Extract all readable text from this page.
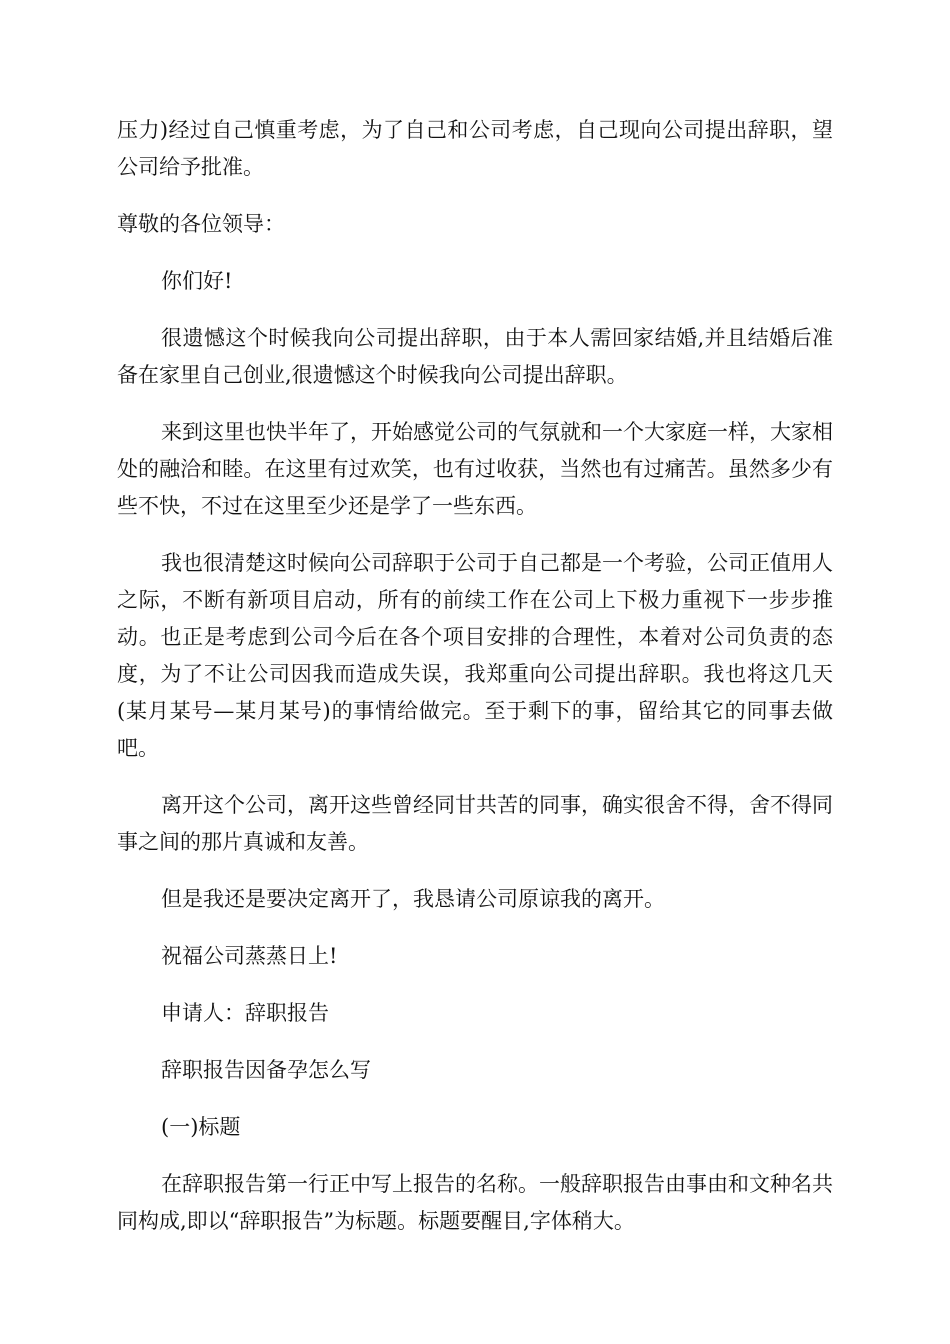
压力)经过自己慎重考虑，为了自己和公司考虑，自己现向公司提出辞职，望公司给予批准。

尊敬的各位领导：

你们好!

很遗憾这个时候我向公司提出辞职，由于本人需回家结婚,并且结婚后准备在家里自己创业,很遗憾这个时候我向公司提出辞职。

来到这里也快半年了，开始感觉公司的气氛就和一个大家庭一样，大家相处的融洽和睦。在这里有过欢笑，也有过收获，当然也有过痛苦。虽然多少有些不快，不过在这里至少还是学了一些东西。

我也很清楚这时候向公司辞职于公司于自己都是一个考验，公司正值用人之际，不断有新项目启动，所有的前续工作在公司上下极力重视下一步步推动。也正是考虑到公司今后在各个项目安排的合理性，本着对公司负责的态度，为了不让公司因我而造成失误，我郑重向公司提出辞职。我也将这几天(某月某号—某月某号)的事情给做完。至于剩下的事，留给其它的同事去做吧。

离开这个公司，离开这些曾经同甘共苦的同事，确实很舍不得，舍不得同事之间的那片真诚和友善。

但是我还是要决定离开了，我恳请公司原谅我的离开。

祝福公司蒸蒸日上!

申请人：辞职报告

辞职报告因备孕怎么写

(一)标题

在辞职报告第一行正中写上报告的名称。一般辞职报告由事由和文种名共同构成,即以“辞职报告”为标题。标题要醒目,字体稍大。
